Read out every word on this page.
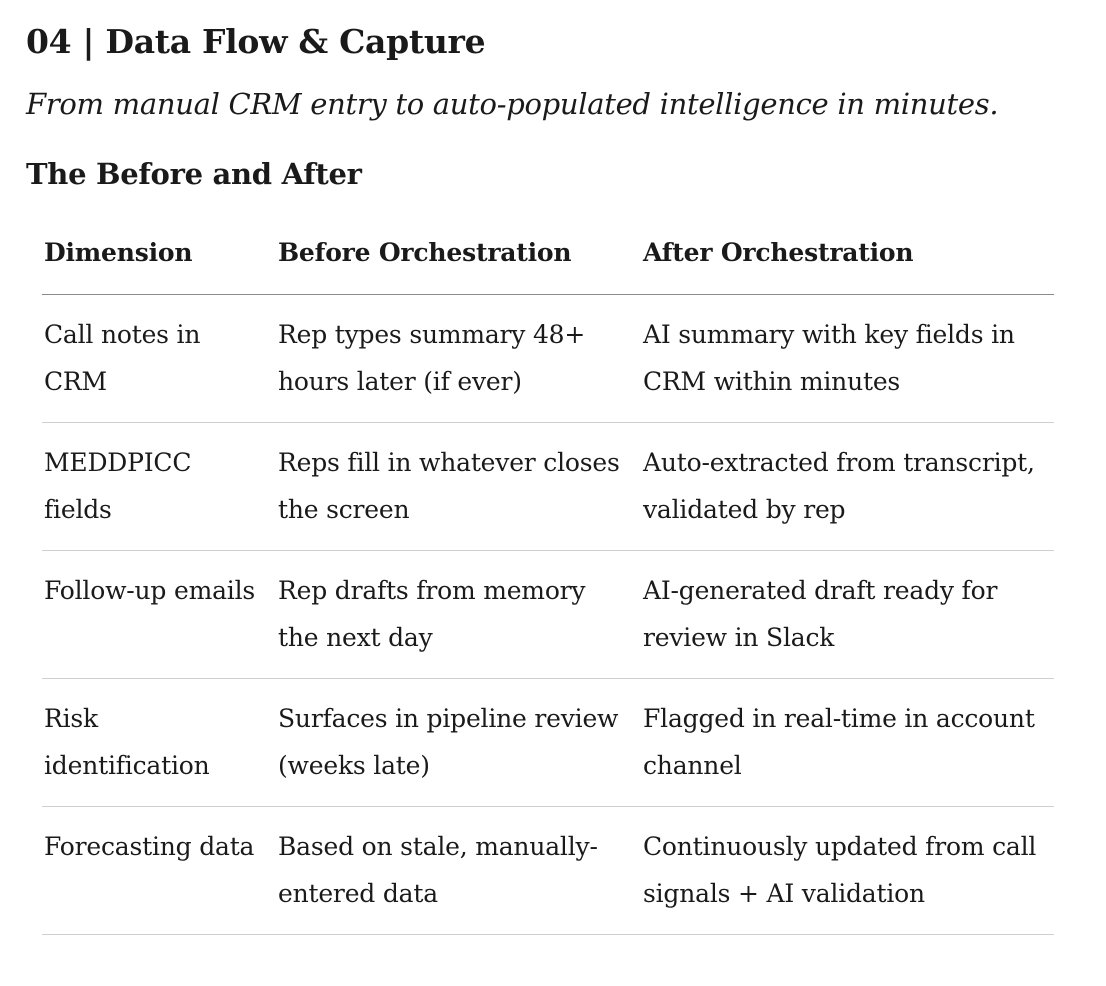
04 | Data Flow & Capture

From manual CRM entry to auto-populated intelligence in minutes.

The Before and After
Dimension	Before Orchestration	After Orchestration
Call notes in CRM	Rep types summary 48+ hours later (if ever)	AI summary with key fields in CRM within minutes
MEDDPICC fields	Reps fill in whatever closes the screen	Auto-extracted from transcript, validated by rep
Follow-up emails	Rep drafts from memory the next day	AI-generated draft ready for review in Slack
Risk identification	Surfaces in pipeline review (weeks late)	Flagged in real-time in account channel
Forecasting data	Based on stale, manually-entered data	Continuously updated from call signals + AI validation
